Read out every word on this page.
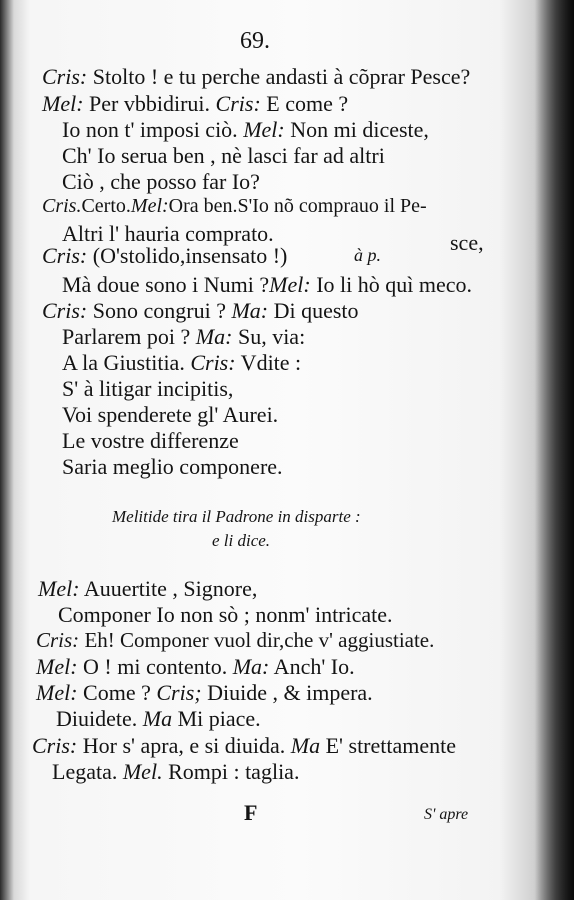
69.
Cris: Stolto ! e tu perche andasti à cõprar Pesce?
Mel: Per vbbidirui. Cris: E come ?
Io non t' imposi ciò. Mel: Non mi diceste,
Ch' Io serua ben , nè lasci far ad altri
Ciò , che posso far Io?
Cris.Certo.Mel:Ora ben.S'Io nõ comprauo il Pe-
Altri l' hauria comprato.	sce,
Cris: (O'stolido,insensato !)	à p.
Mà doue sono i Numi ?Mel: Io li hò quì meco.
Cris: Sono congrui ? Ma: Di questo
Parlarem poi ? Ma: Su, via:
A la Giustitia. Cris: Vdite :
S' à litigar incipitis,
Voi spenderete gl' Aurei.
Le vostre differenze
Saria meglio componere.
Melitide tira il Padrone in disparte :
e li dice.
Mel: Auuertite , Signore,
Componer Io non sò ; nonm' intricate.
Cris: Eh! Componer vuol dir,che v' aggiustiate.
Mel: O ! mi contento. Ma: Anch' Io.
Mel: Come ? Cris; Diuide , & impera.
Diuidete. Ma Mi piace.
Cris: Hor s' apra, e si diuida. Ma E' strettamente
Legata. Mel. Rompi : taglia.
F	S' apre
